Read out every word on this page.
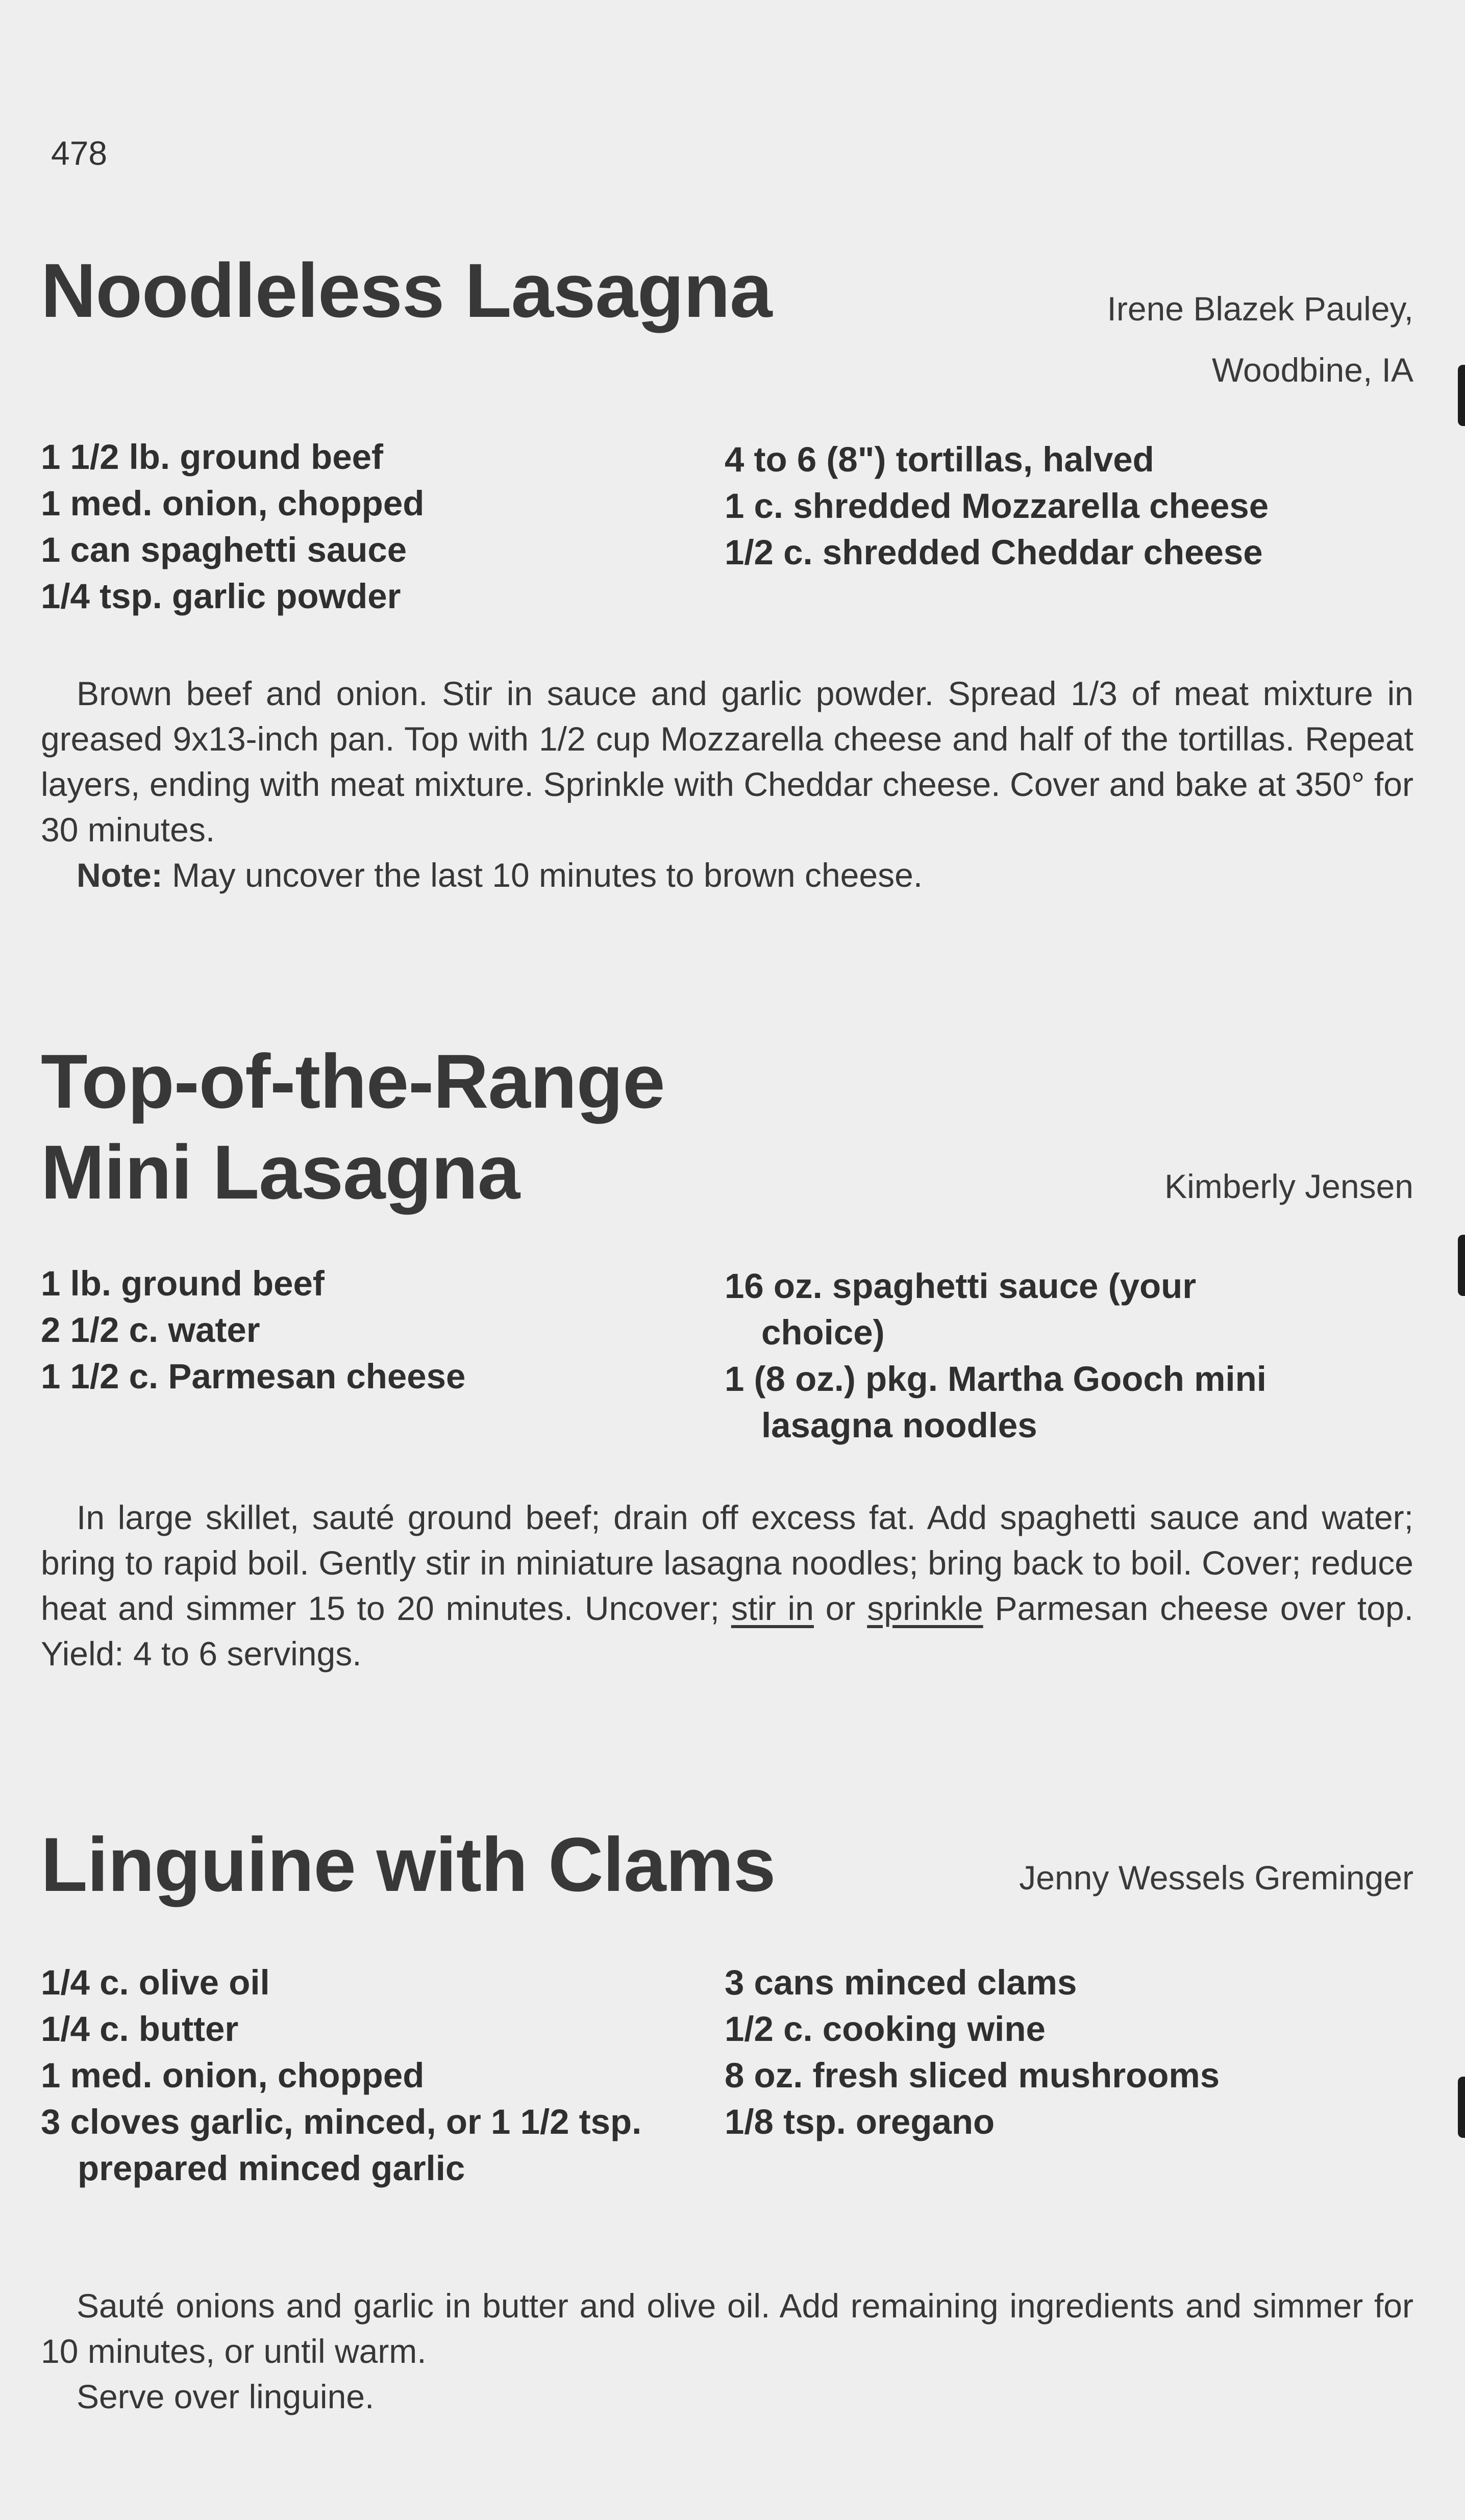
478
Noodleless Lasagna	Irene Blazek Pauley,
Woodbine, IA
1 1/2 lb. ground beef
1 med. onion, chopped
1 can spaghetti sauce
1/4 tsp. garlic powder
4 to 6 (8") tortillas, halved
1 c. shredded Mozzarella cheese
1/2 c. shredded Cheddar cheese

Brown beef and onion. Stir in sauce and garlic powder. Spread 1/3 of meat mixture in greased 9x13-inch pan. Top with 1/2 cup Mozzarella cheese and half of the tortillas. Repeat layers, ending with meat mixture. Sprinkle with Cheddar cheese. Cover and bake at 350° for 30 minutes.

Note: May uncover the last 10 minutes to brown cheese.

Top-of-the-Range
Mini Lasagna	Kimberly Jensen
1 lb. ground beef
2 1/2 c. water
1 1/2 c. Parmesan cheese
16 oz. spaghetti sauce (your choice)
1 (8 oz.) pkg. Martha Gooch mini lasagna noodles

In large skillet, sauté ground beef; drain off excess fat. Add spaghetti sauce and water; bring to rapid boil. Gently stir in miniature lasagna noodles; bring back to boil. Cover; reduce heat and simmer 15 to 20 minutes. Uncover; stir in or sprinkle Parmesan cheese over top. Yield: 4 to 6 servings.

Linguine with Clams	Jenny Wessels Greminger
1/4 c. olive oil
1/4 c. butter
1 med. onion, chopped
3 cloves garlic, minced, or 1 1/2 tsp. prepared minced garlic
3 cans minced clams
1/2 c. cooking wine
8 oz. fresh sliced mushrooms
1/8 tsp. oregano

Sauté onions and garlic in butter and olive oil. Add remaining ingredients and simmer for 10 minutes, or until warm.

Serve over linguine.
